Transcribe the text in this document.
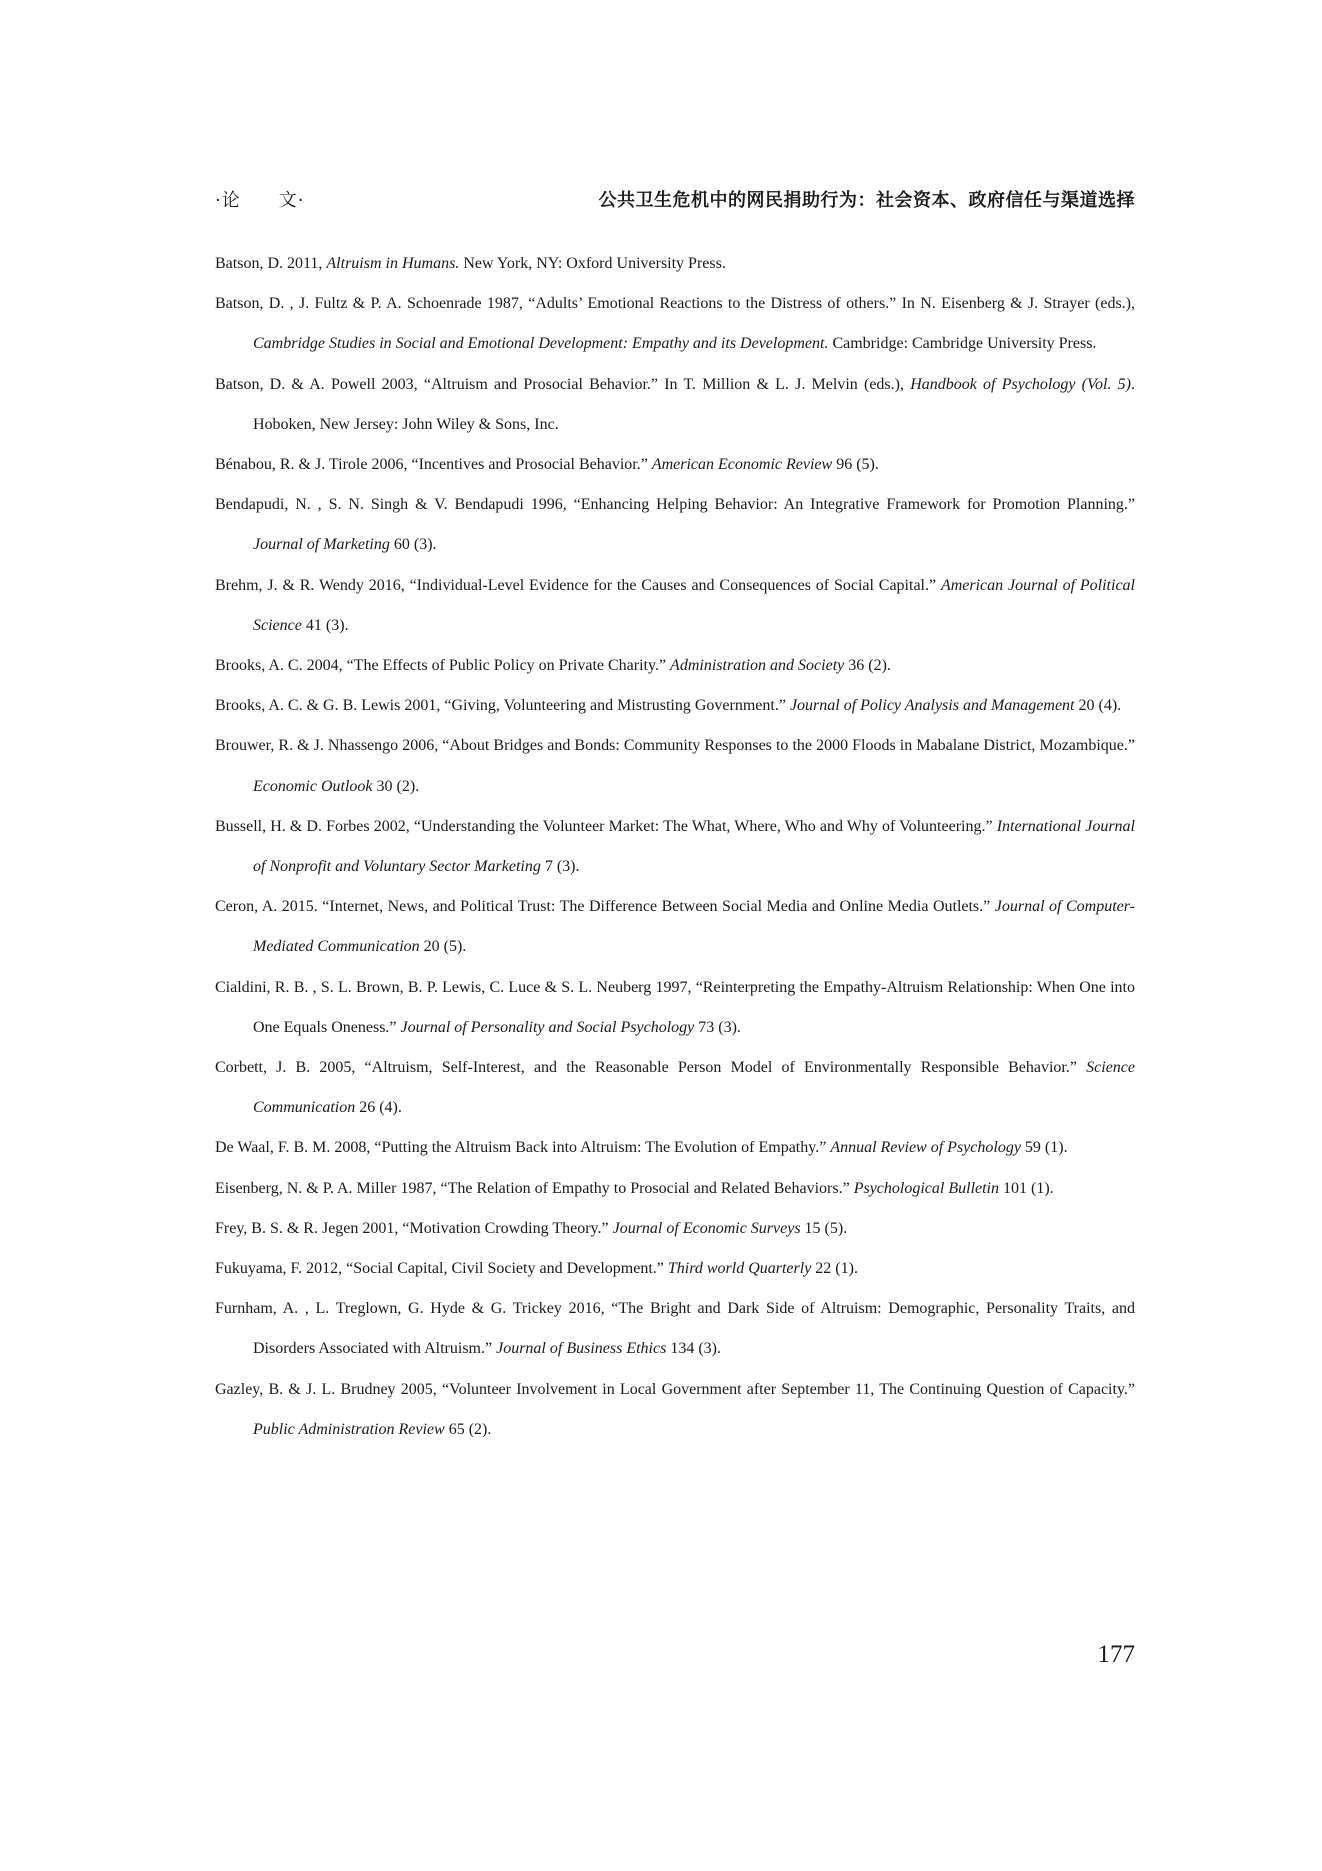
·论 文·	公共卫生危机中的网民捐助行为：社会资本、政府信任与渠道选择
Batson, D. 2011, Altruism in Humans. New York, NY: Oxford University Press.
Batson, D. , J. Fultz & P. A. Schoenrade 1987, “Adults’ Emotional Reactions to the Distress of others.” In N. Eisenberg & J. Strayer (eds.), Cambridge Studies in Social and Emotional Development: Empathy and its Development. Cambridge: Cambridge University Press.
Batson, D. & A. Powell 2003, “Altruism and Prosocial Behavior.” In T. Million & L. J. Melvin (eds.), Handbook of Psychology (Vol. 5). Hoboken, New Jersey: John Wiley & Sons, Inc.
Bénabou, R. & J. Tirole 2006, “Incentives and Prosocial Behavior.” American Economic Review 96 (5).
Bendapudi, N. , S. N. Singh & V. Bendapudi 1996, “Enhancing Helping Behavior: An Integrative Framework for Promotion Planning.” Journal of Marketing 60 (3).
Brehm, J. & R. Wendy 2016, “Individual-Level Evidence for the Causes and Consequences of Social Capital.” American Journal of Political Science 41 (3).
Brooks, A. C. 2004, “The Effects of Public Policy on Private Charity.” Administration and Society 36 (2).
Brooks, A. C. & G. B. Lewis 2001, “Giving, Volunteering and Mistrusting Government.” Journal of Policy Analysis and Management 20 (4).
Brouwer, R. & J. Nhassengo 2006, “About Bridges and Bonds: Community Responses to the 2000 Floods in Mabalane District, Mozambique.” Economic Outlook 30 (2).
Bussell, H. & D. Forbes 2002, “Understanding the Volunteer Market: The What, Where, Who and Why of Volunteering.” International Journal of Nonprofit and Voluntary Sector Marketing 7 (3).
Ceron, A. 2015. “Internet, News, and Political Trust: The Difference Between Social Media and Online Media Outlets.” Journal of Computer-Mediated Communication 20 (5).
Cialdini, R. B. , S. L. Brown, B. P. Lewis, C. Luce & S. L. Neuberg 1997, “Reinterpreting the Empathy-Altruism Relationship: When One into One Equals Oneness.” Journal of Personality and Social Psychology 73 (3).
Corbett, J. B. 2005, “Altruism, Self-Interest, and the Reasonable Person Model of Environmentally Responsible Behavior.” Science Communication 26 (4).
De Waal, F. B. M. 2008, “Putting the Altruism Back into Altruism: The Evolution of Empathy.” Annual Review of Psychology 59 (1).
Eisenberg, N. & P. A. Miller 1987, “The Relation of Empathy to Prosocial and Related Behaviors.” Psychological Bulletin 101 (1).
Frey, B. S. & R. Jegen 2001, “Motivation Crowding Theory.” Journal of Economic Surveys 15 (5).
Fukuyama, F. 2012, “Social Capital, Civil Society and Development.” Third world Quarterly 22 (1).
Furnham, A. , L. Treglown, G. Hyde & G. Trickey 2016, “The Bright and Dark Side of Altruism: Demographic, Personality Traits, and Disorders Associated with Altruism.” Journal of Business Ethics 134 (3).
Gazley, B. & J. L. Brudney 2005, “Volunteer Involvement in Local Government after September 11, The Continuing Question of Capacity.” Public Administration Review 65 (2).
177
